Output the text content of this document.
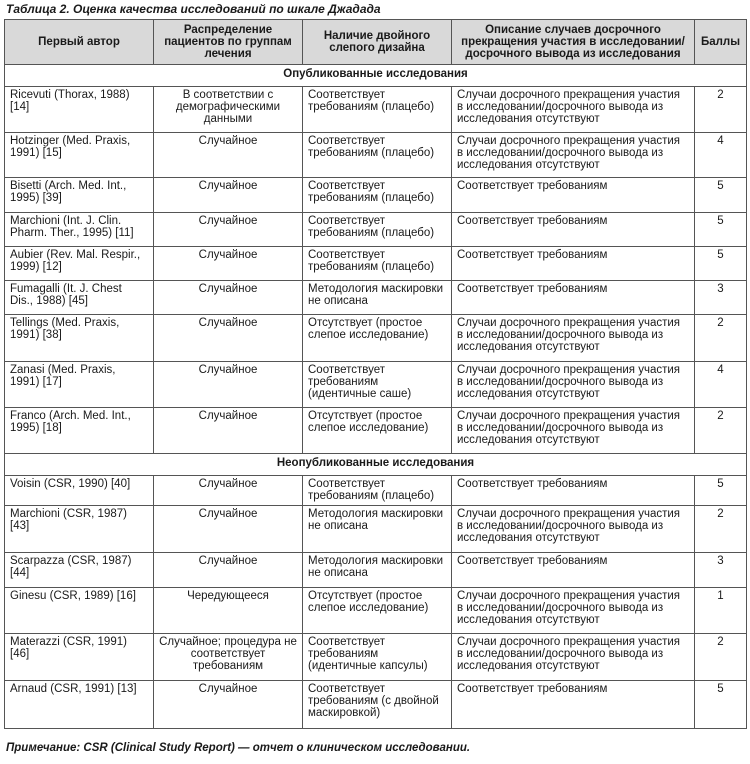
Таблица 2. Оценка качества исследований по шкале Джадада
Первый автор	Распределение пациентов по группам лечения	Наличие двойного слепого дизайна	Описание случаев досрочного прекращения участия в исследовании/досрочного вывода из исследования	Баллы
Опубликованные исследования				
Ricevuti (Thorax, 1988) [14]	В соответствии с демографическими данными	Соответствует требованиям (плацебо)	Случаи досрочного прекращения участия в исследовании/досрочного вывода из исследования отсутствуют	2
Hotzinger (Med. Praxis, 1991) [15]	Случайное	Соответствует требованиям (плацебо)	Случаи досрочного прекращения участия в исследовании/досрочного вывода из исследования отсутствуют	4
Bisetti (Arch. Med. Int., 1995) [39]	Случайное	Соответствует требованиям (плацебо)	Соответствует требованиям	5
Marchioni (Int. J. Clin. Pharm. Ther., 1995) [11]	Случайное	Соответствует требованиям (плацебо)	Соответствует требованиям	5
Aubier (Rev. Mal. Respir., 1999) [12]	Случайное	Соответствует требованиям (плацебо)	Соответствует требованиям	5
Fumagalli (It. J. Chest Dis., 1988) [45]	Случайное	Методология маскировки не описана	Соответствует требованиям	3
Tellings (Med. Praxis, 1991) [38]	Случайное	Отсутствует (простое слепое исследование)	Случаи досрочного прекращения участия в исследовании/досрочного вывода из исследования отсутствуют	2
Zanasi (Med. Praxis, 1991) [17]	Случайное	Соответствует требованиям (идентичные саше)	Случаи досрочного прекращения участия в исследовании/досрочного вывода из исследования отсутствуют	4
Franco (Arch. Med. Int., 1995) [18]	Случайное	Отсутствует (простое слепое исследование)	Случаи досрочного прекращения участия в исследовании/досрочного вывода из исследования отсутствуют	2
Неопубликованные исследования				
Voisin (CSR, 1990) [40]	Случайное	Соответствует требованиям (плацебо)	Соответствует требованиям	5
Marchioni (CSR, 1987) [43]	Случайное	Методология маскировки не описана	Случаи досрочного прекращения участия в исследовании/досрочного вывода из исследования отсутствуют	2
Scarpazza (CSR, 1987) [44]	Случайное	Методология маскировки не описана	Соответствует требованиям	3
Ginesu (CSR, 1989) [16]	Чередующееся	Отсутствует (простое слепое исследование)	Случаи досрочного прекращения участия в исследовании/досрочного вывода из исследования отсутствуют	1
Materazzi (CSR, 1991) [46]	Случайное; процедура не соответствует требованиям	Соответствует требованиям (идентичные капсулы)	Случаи досрочного прекращения участия в исследовании/досрочного вывода из исследования отсутствуют	2
Arnaud (CSR, 1991) [13]	Случайное	Соответствует требованиям (с двойной маскировкой)	Соответствует требованиям	5
Примечание: CSR (Clinical Study Report) — отчет о клиническом исследовании.
